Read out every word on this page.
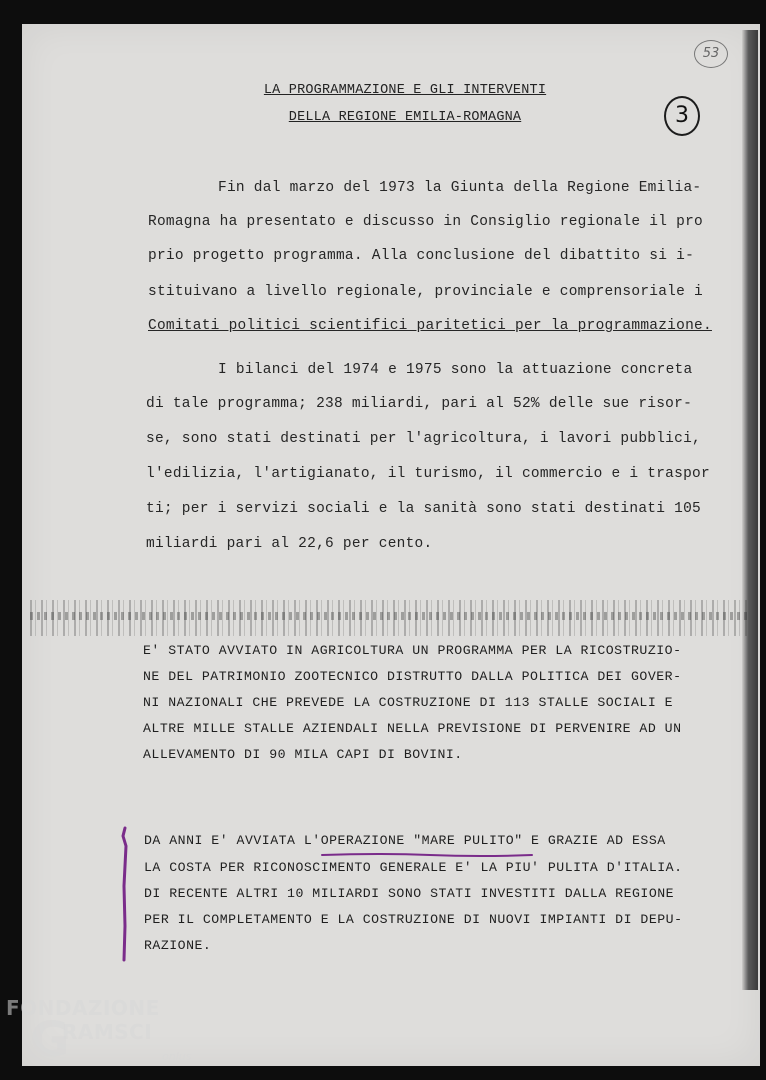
53
3
LA PROGRAMMAZIONE E GLI INTERVENTI
DELLA REGIONE EMILIA-ROMAGNA
Fin dal marzo del 1973 la Giunta della Regione Emilia-
Romagna ha presentato e discusso in Consiglio regionale il pro
prio progetto programma. Alla conclusione del dibattito si i-
stituivano a livello regionale, provinciale e comprensoriale i
Comitati politici scientifici paritetici per la programmazione.
I bilanci del 1974 e 1975 sono la attuazione concreta
di tale programma; 238 miliardi, pari al 52% delle sue risor-
se, sono stati destinati per l'agricoltura, i lavori pubblici,
l'edilizia, l'artigianato, il turismo, il commercio e i traspor
ti; per i servizi sociali e la sanità sono stati destinati 105
miliardi pari al 22,6 per cento.
E' STATO AVVIATO IN AGRICOLTURA UN PROGRAMMA PER LA RICOSTRUZIO-
NE DEL PATRIMONIO ZOOTECNICO DISTRUTTO DALLA POLITICA DEI GOVER-
NI NAZIONALI CHE PREVEDE LA COSTRUZIONE DI 113 STALLE SOCIALI E
ALTRE MILLE STALLE AZIENDALI NELLA PREVISIONE DI PERVENIRE AD UN
ALLEVAMENTO DI 90 MILA CAPI DI BOVINI.
DA ANNI E' AVVIATA L'OPERAZIONE "MARE PULITO" E GRAZIE AD ESSA
LA COSTA PER RICONOSCIMENTO GENERALE E' LA PIU' PULITA D'ITALIA.
DI RECENTE ALTRI 10 MILIARDI SONO STATI INVESTITI DALLA REGIONE
PER IL COMPLETAMENTO E LA COSTRUZIONE DI NUOVI IMPIANTI DI DEPU-
RAZIONE.
FONDAZIONE
G
RAMSCI
onlus
